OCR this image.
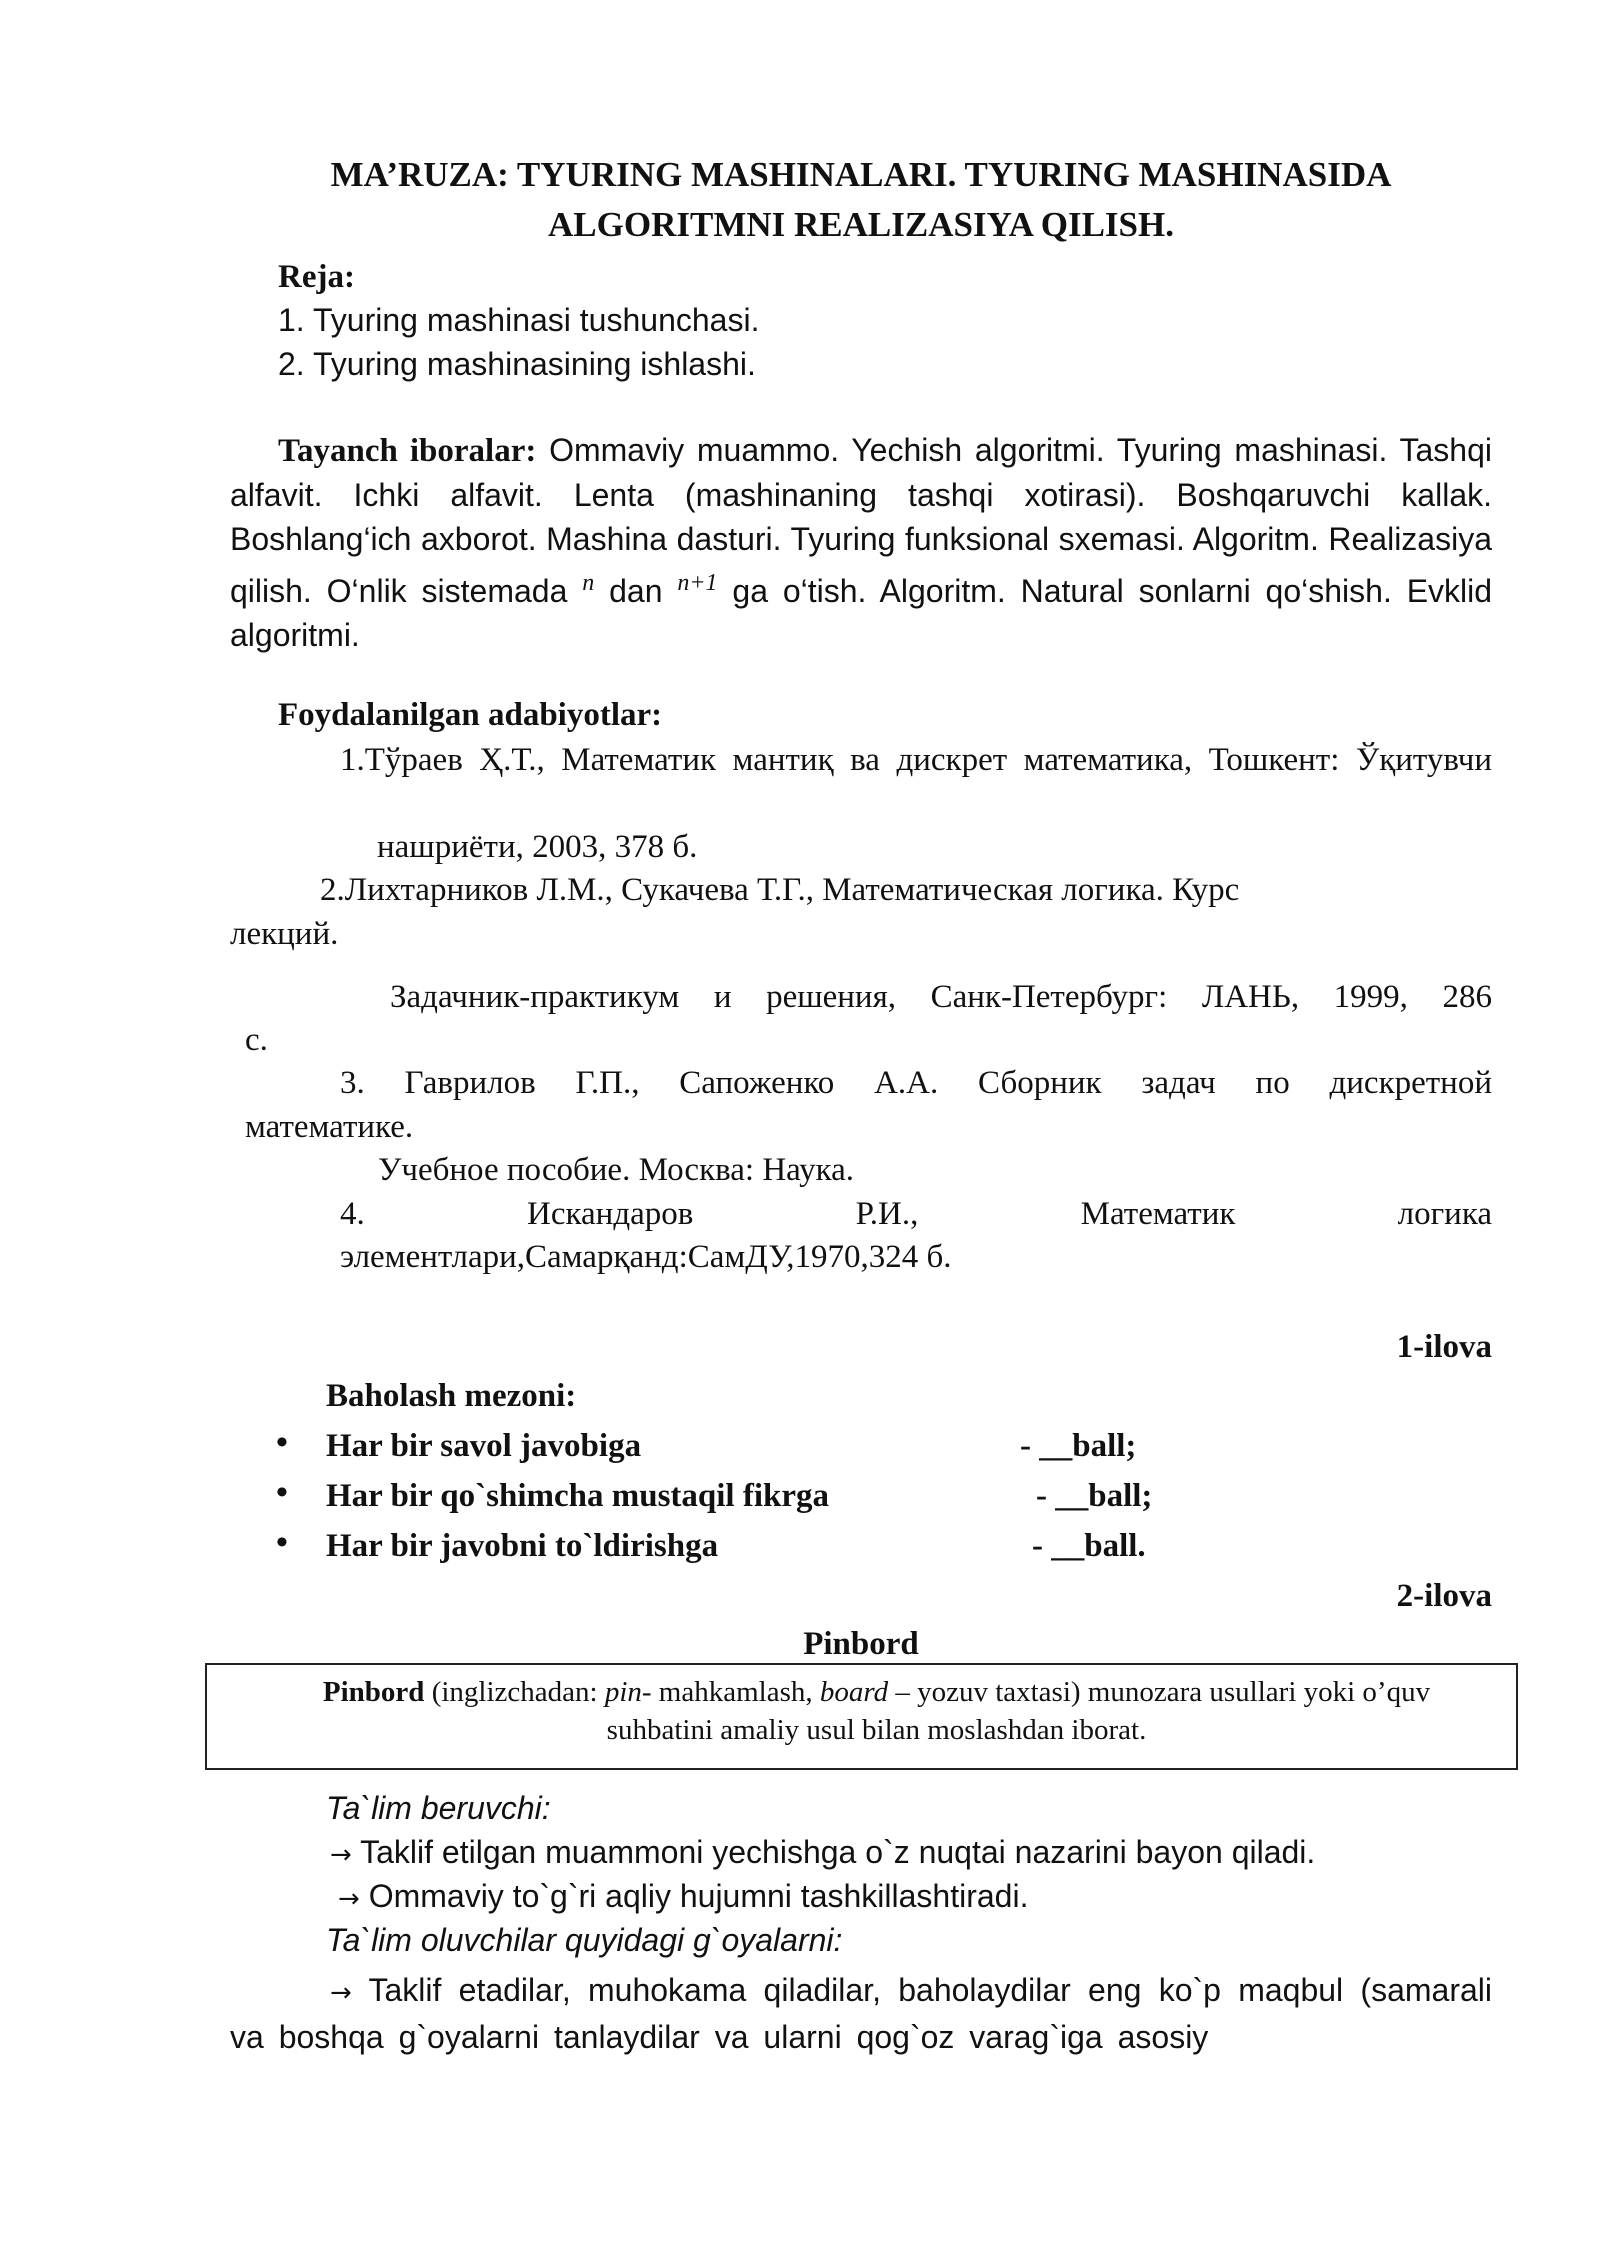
MA’RUZA: TYURING MASHINALARI. TYURING MASHINASIDA
ALGORITMNI REALIZASIYA QILISH.
Reja:
1. Tyuring mashinasi tushunchasi.
2. Tyuring mashinasining ishlashi.
Tayanch iboralar: Ommaviy muammo. Yechish algoritmi. Tyuring mashinasi. Tashqi alfavit. Ichki alfavit. Lenta (mashinaning tashqi xotirasi). Boshqaruvchi kallak. Boshlang‘ich axborot. Mashina dasturi. Tyuring funksional sxemasi. Algoritm. Realizasiya qilish. O‘nlik sistemada $^n$ dan $^{n+1}$ ga o‘tish. Algoritm. Natural sonlarni qo‘shish. Evklid algoritmi.
Foydalanilgan adabiyotlar:
1.Тўраев Ҳ.Т., Математик мантиқ ва дискрет математика, Тошкент: Ўқитувчи
нашриёти, 2003, 378 б.
2.Лихтарников Л.М., Сукачева Т.Г., Математическая логика. Курс
лекций.
Задачник-практикум и решения, Санк-Петербург: ЛАНЬ, 1999, 286
с.
3. Гаврилов Г.П., Сапоженко А.А. Сборник задач по дискретной
математике.
Учебное пособие. Москва: Наука.
4. Искандаров Р.И., Математик логика
элементлари,Самарқанд:СамДУ,1970,324 б.
1-ilova
Baholash mezoni:
• Har bir savol javobiga	- __ball;
• Har bir qo`shimcha mustaqil fikrga	- __ball;
• Har bir javobni to`ldirishga	- __ball.
2-ilova
Pinbord
Pinbord (inglizchadan: pin- mahkamlash, board – yozuv taxtasi) munozara usullari yoki o’quv suhbatini amaliy usul bilan moslashdan iborat.
Ta`lim beruvchi:
→ Taklif etilgan muammoni yechishga o`z nuqtai nazarini bayon qiladi.
→ Ommaviy to`g`ri aqliy hujumni tashkillashtiradi.
Ta`lim oluvchilar quyidagi g`oyalarni:
→ Taklif etadilar, muhokama qiladilar, baholaydilar eng ko`p maqbul (samarali va boshqa g`oyalarni tanlaydilar va ularni qog`oz varag`iga asosiy
